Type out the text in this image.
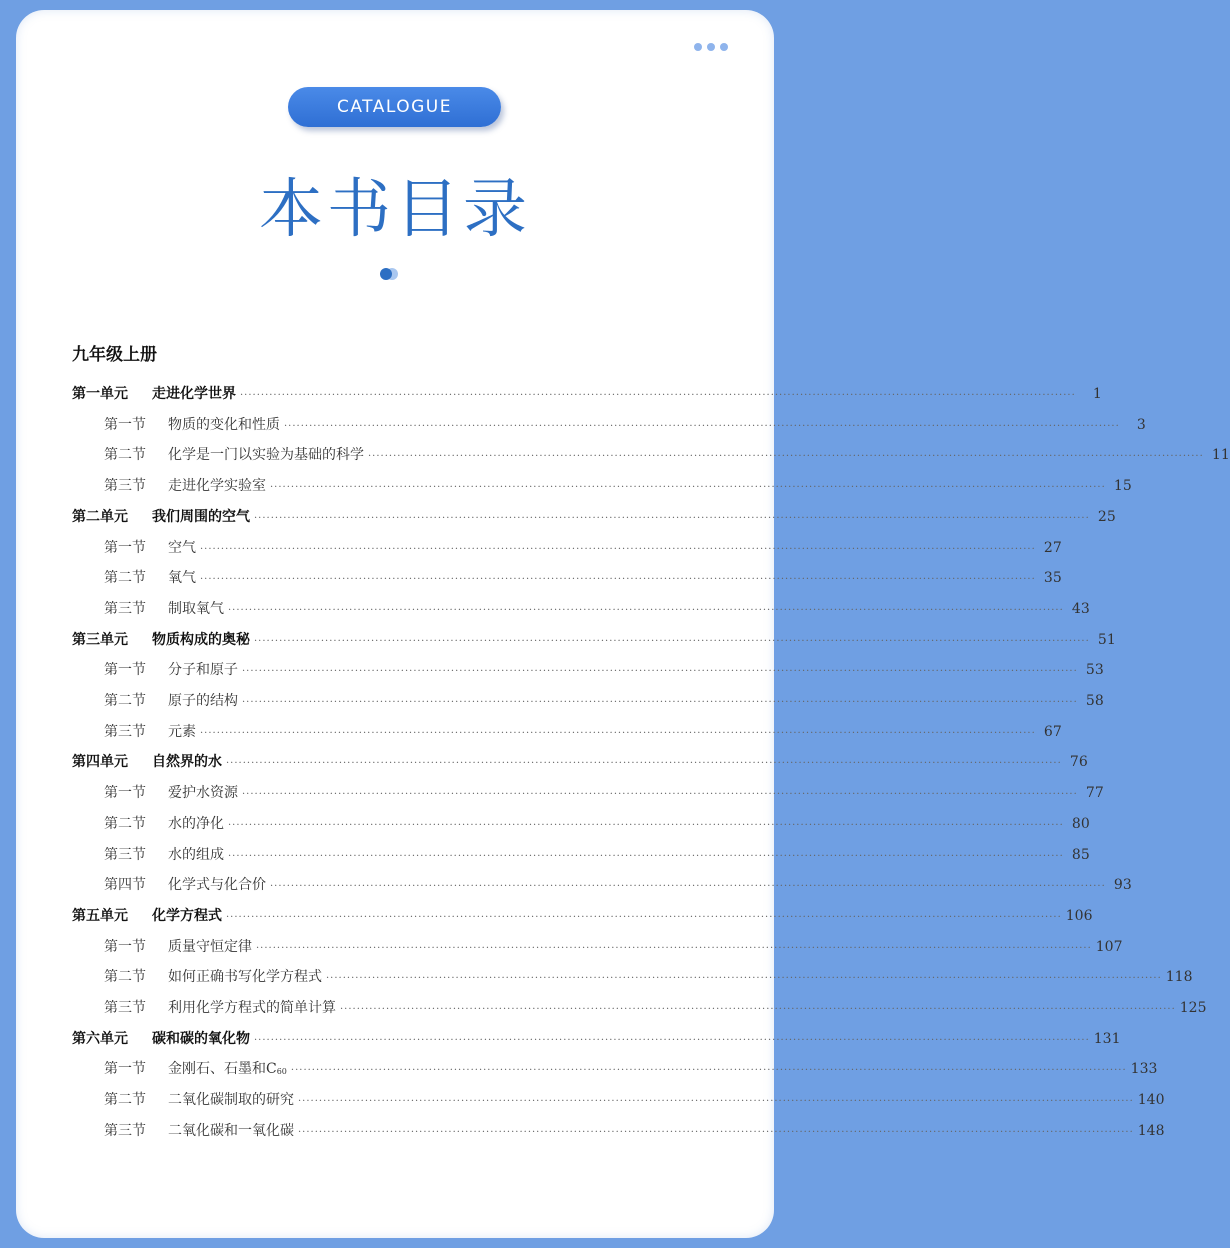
CATALOGUE
本书目录
九年级上册
第一单元	走进化学世界 ········································································································································································································	1
第一节	物质的变化和性质 ········································································································································································································	3
第二节	化学是一门以实验为基础的科学 ········································································································································································································ 11
第三节	走进化学实验室 ········································································································································································································ 15
第二单元	我们周围的空气 ········································································································································································································ 25
第一节	空气 ········································································································································································································ 27
第二节	氧气 ········································································································································································································ 35
第三节	制取氧气 ········································································································································································································ 43
第三单元	物质构成的奥秘 ········································································································································································································ 51
第一节	分子和原子 ········································································································································································································ 53
第二节	原子的结构 ········································································································································································································ 58
第三节	元素 ········································································································································································································ 67
第四单元	自然界的水 ········································································································································································································ 76
第一节	爱护水资源 ········································································································································································································ 77
第二节	水的净化 ········································································································································································································ 80
第三节	水的组成 ········································································································································································································ 85
第四节	化学式与化合价 ········································································································································································································ 93
第五单元	化学方程式 ········································································································································································································ 106
第一节	质量守恒定律 ········································································································································································································ 107
第二节	如何正确书写化学方程式 ········································································································································································································ 118
第三节	利用化学方程式的简单计算 ········································································································································································································ 125
第六单元	碳和碳的氧化物 ········································································································································································································ 131
第一节	金刚石、石墨和$C_{60}$ ········································································································································································································ 133
第二节	二氧化碳制取的研究 ········································································································································································································ 140
第三节	二氧化碳和一氧化碳 ········································································································································································································ 148
